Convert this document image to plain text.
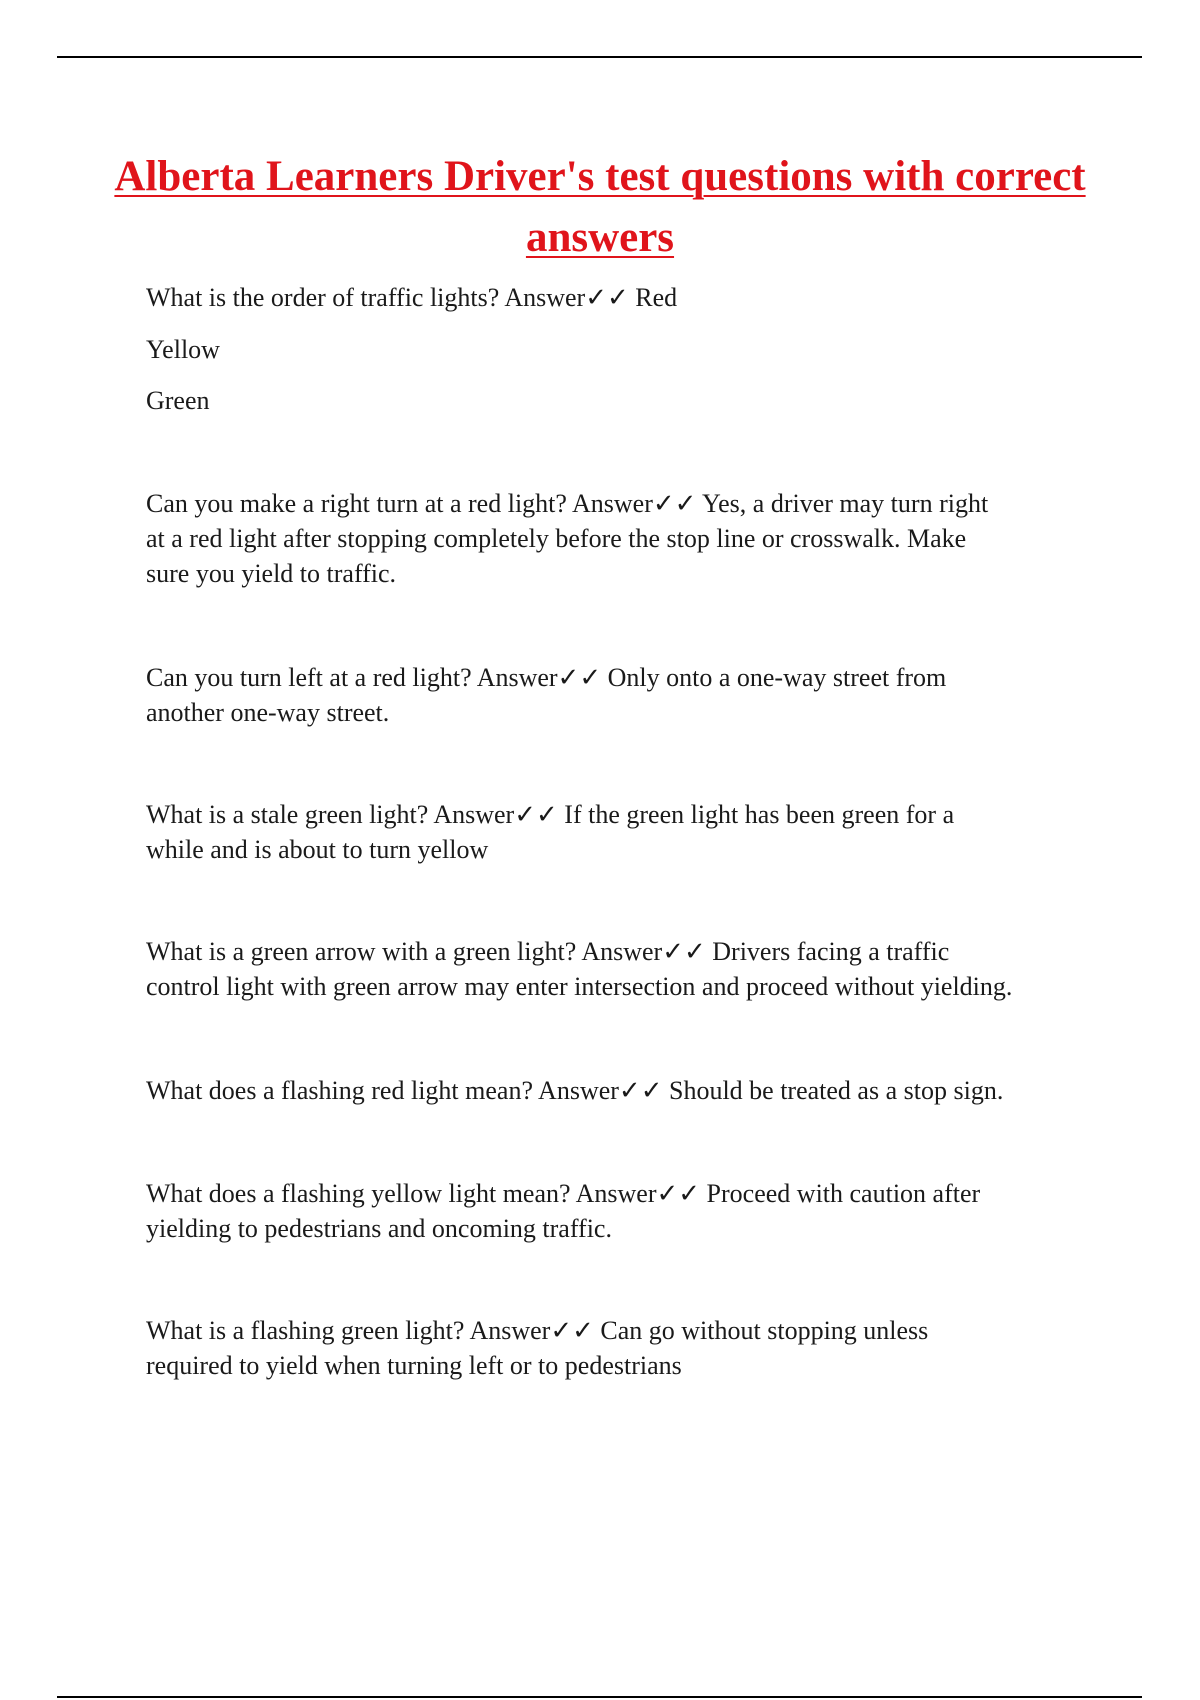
Alberta Learners Driver's test questions with correct answers

What is the order of traffic lights? Answer✓✓ Red

Yellow

Green

Can you make a right turn at a red light? Answer✓✓ Yes, a driver may turn right
at a red light after stopping completely before the stop line or crosswalk. Make
sure you yield to traffic.

Can you turn left at a red light? Answer✓✓ Only onto a one-way street from
another one-way street.

What is a stale green light? Answer✓✓ If the green light has been green for a
while and is about to turn yellow

What is a green arrow with a green light? Answer✓✓ Drivers facing a traffic
control light with green arrow may enter intersection and proceed without yielding.

What does a flashing red light mean? Answer✓✓ Should be treated as a stop sign.

What does a flashing yellow light mean? Answer✓✓ Proceed with caution after
yielding to pedestrians and oncoming traffic.

What is a flashing green light? Answer✓✓ Can go without stopping unless
required to yield when turning left or to pedestrians
